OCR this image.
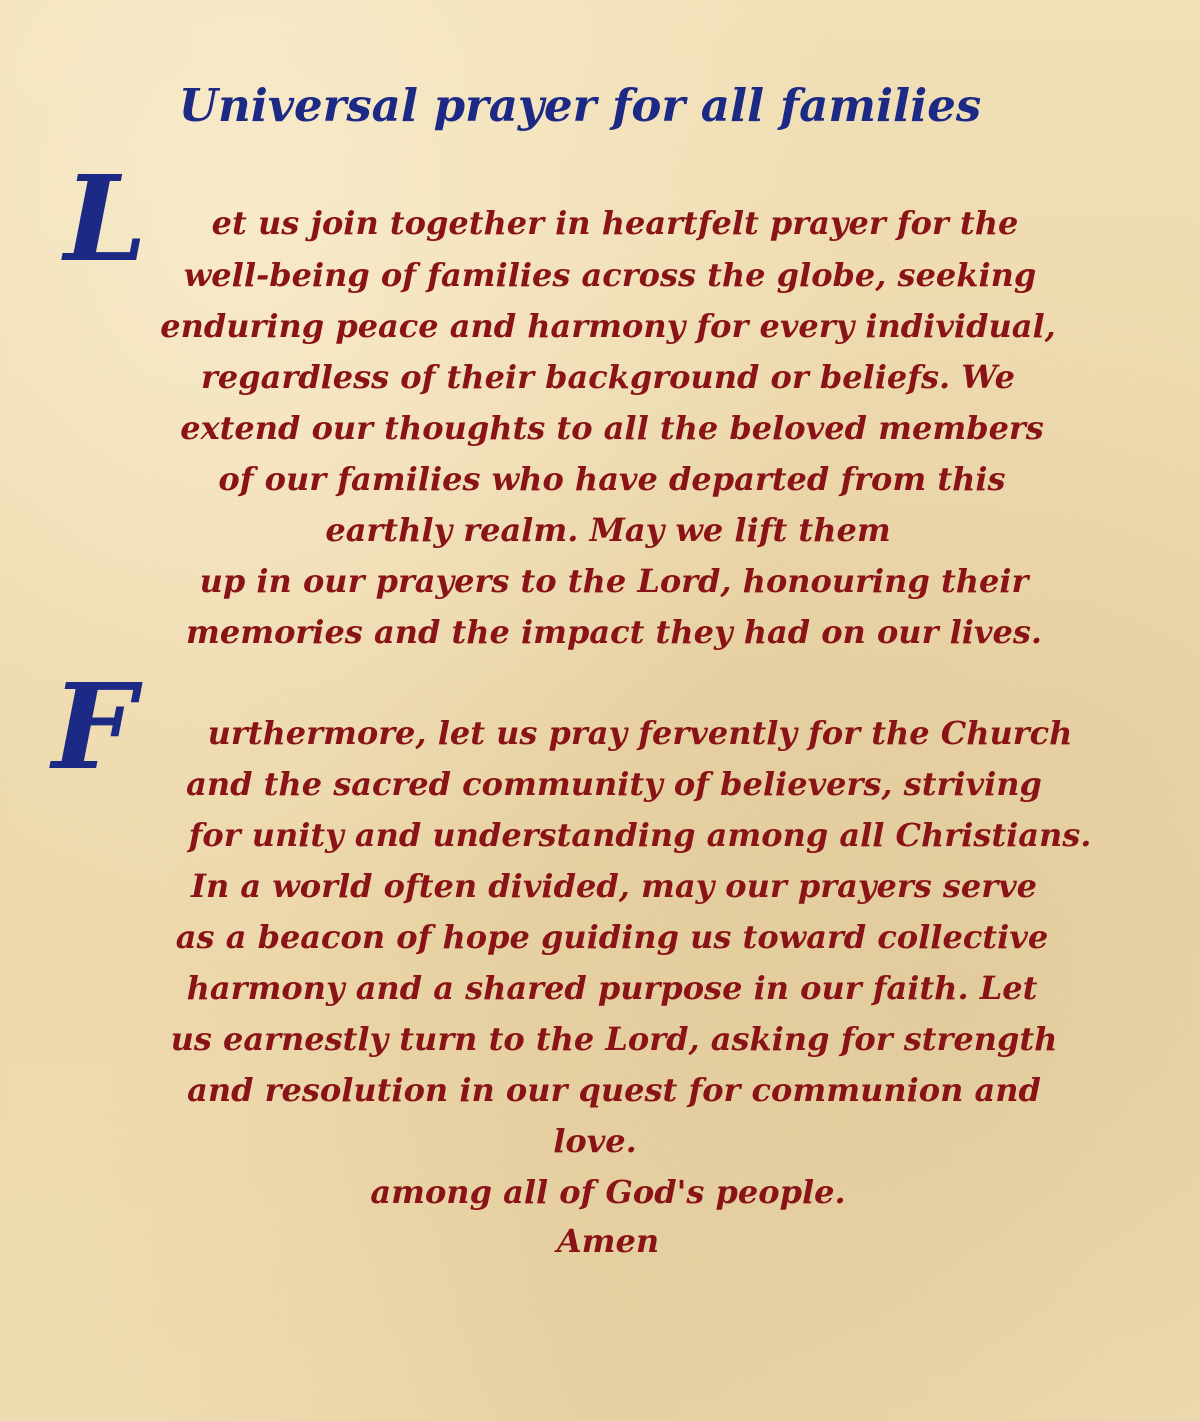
Universal prayer for all families
L	et us join together in heartfelt prayer for the
well-being of families across the globe, seeking
enduring peace and harmony for every individual,
regardless of their background or beliefs. We
extend our thoughts to all the beloved members
of our families who have departed from this
earthly realm. May we lift them
up in our prayers to the Lord, honouring their
memories and the impact they had on our lives.
F	urthermore, let us pray fervently for the Church
and the sacred community of believers, striving
for unity and understanding among all Christians.
In a world often divided, may our prayers serve
as a beacon of hope guiding us toward collective
harmony and a shared purpose in our faith. Let
us earnestly turn to the Lord, asking for strength
and resolution in our quest for communion and
love.
among all of God's people.
Amen
